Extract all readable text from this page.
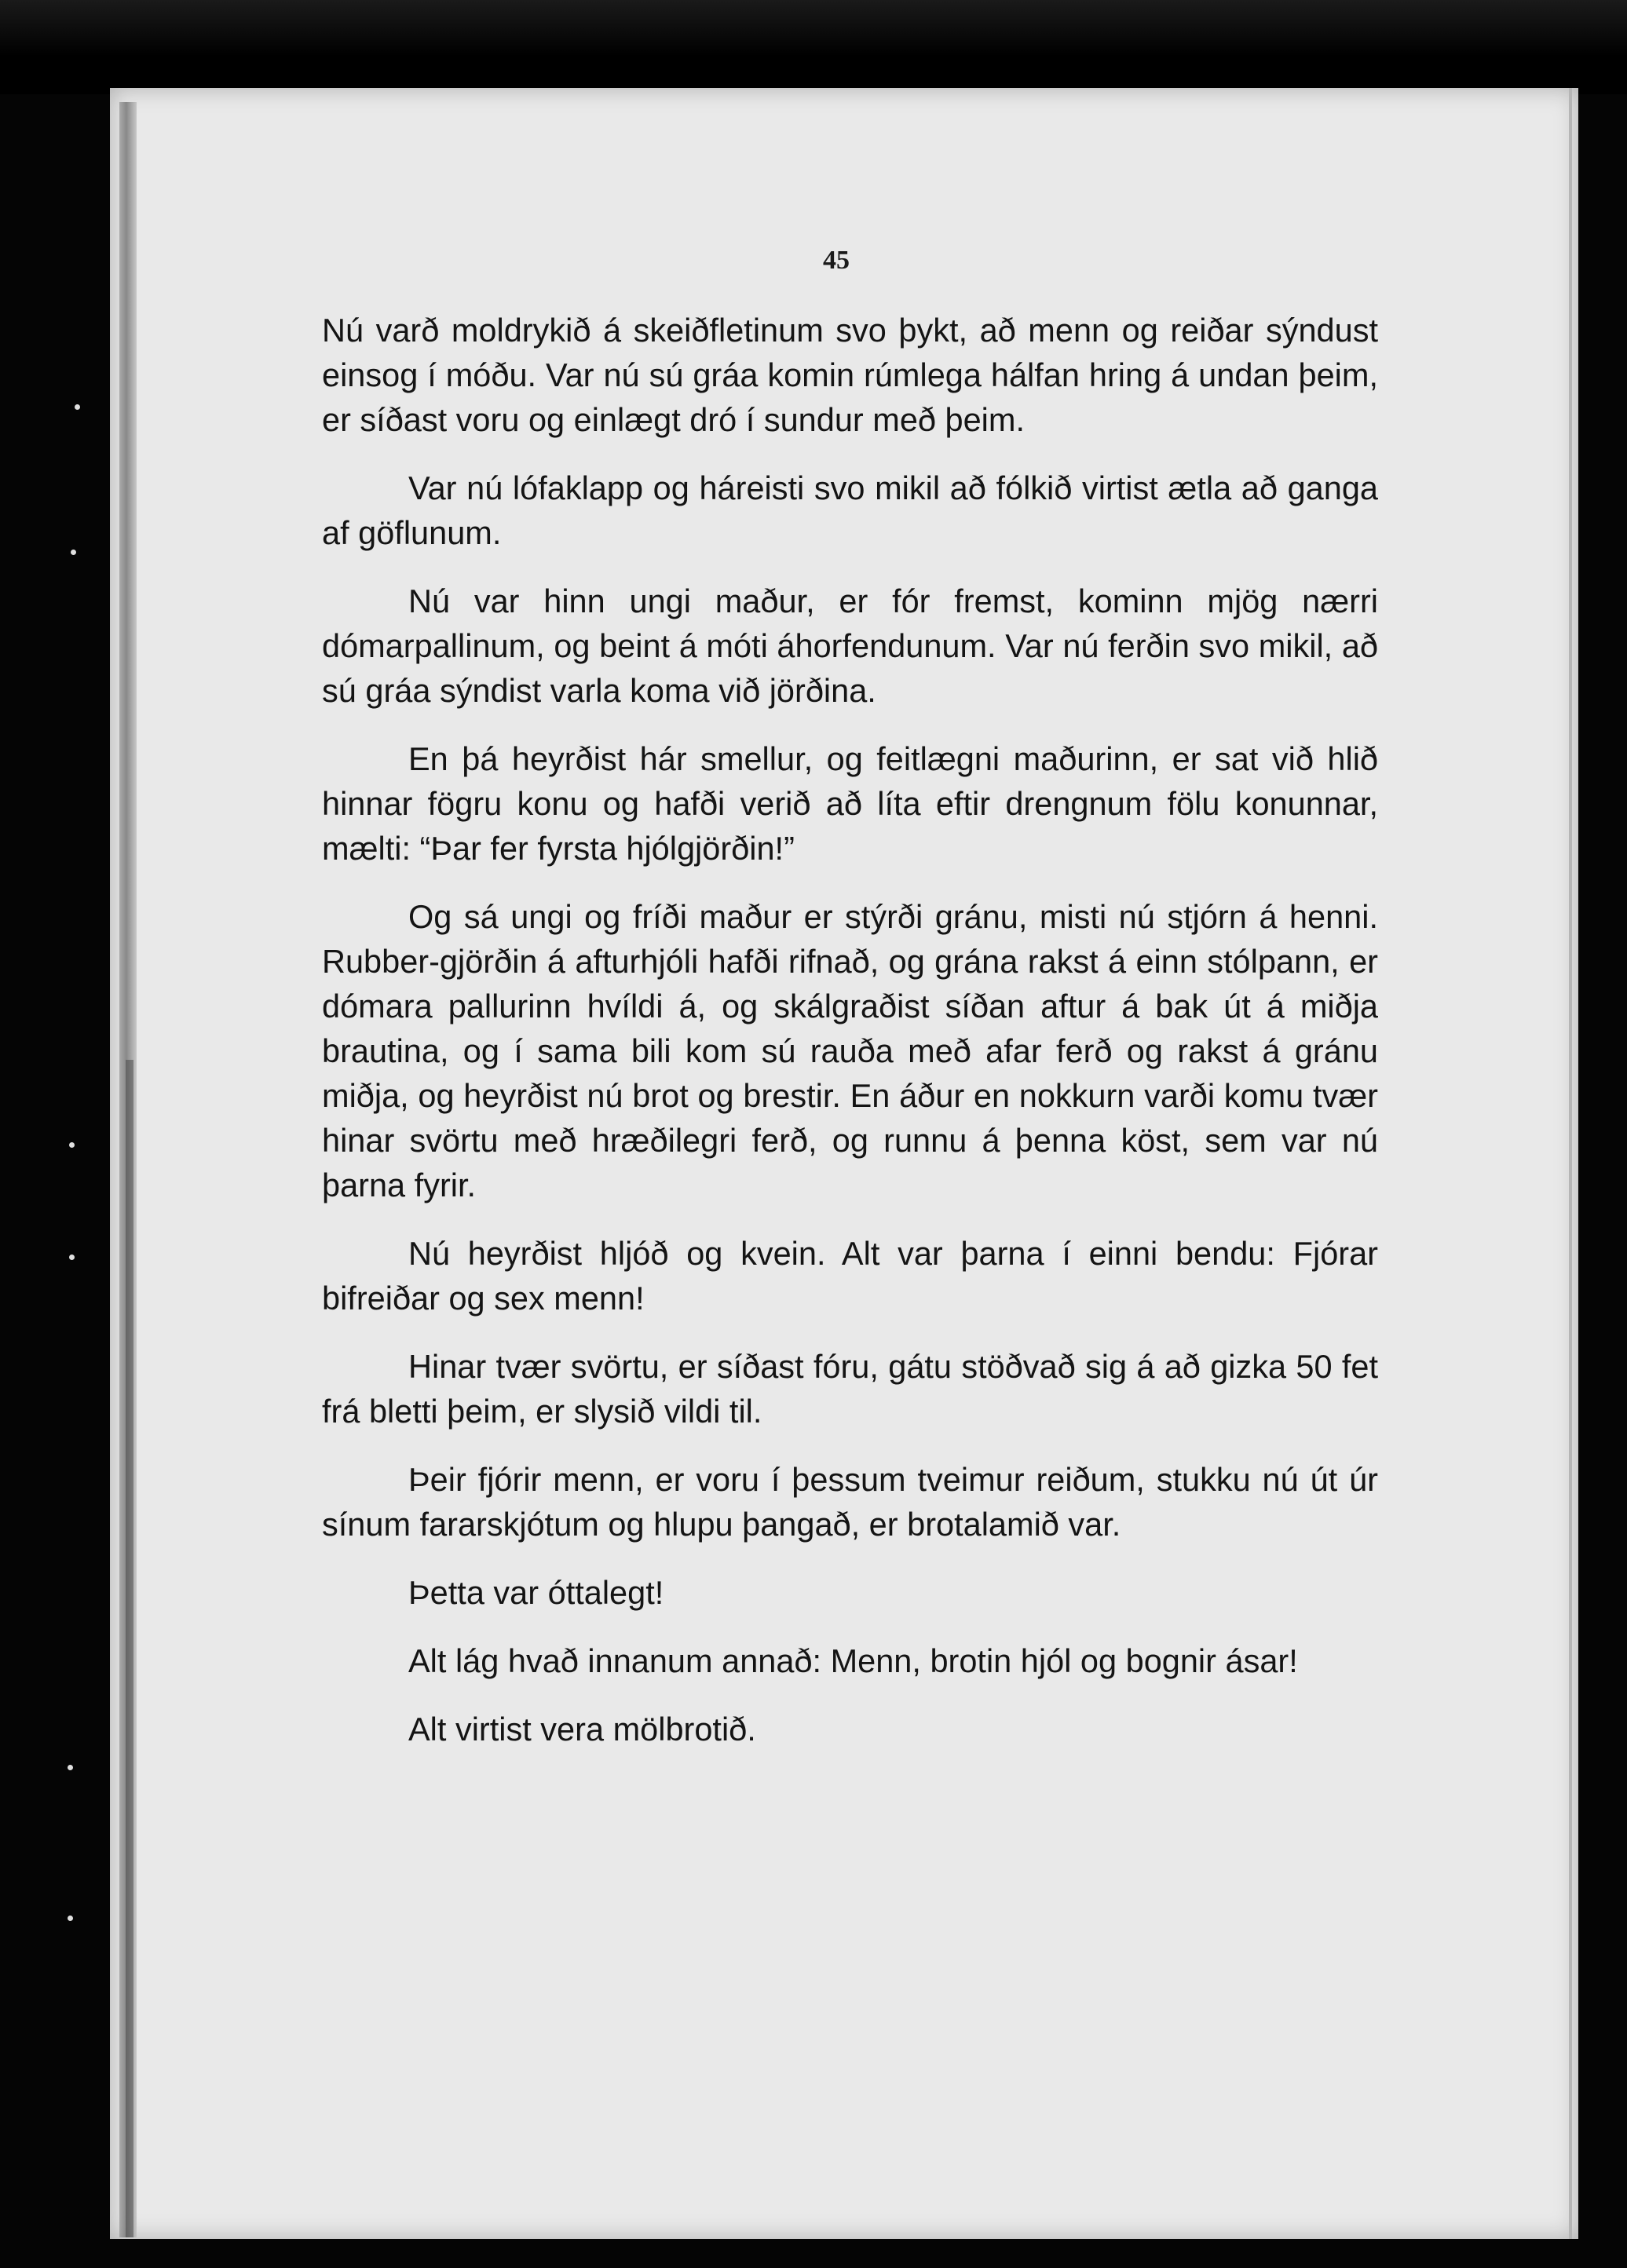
45

Nú varð moldrykið á skeiðfletinum svo þykt, að menn og reiðar sýndust einsog í móðu. Var nú sú gráa komin rúmlega hálfan hring á undan þeim, er síðast voru og einlægt dró í sundur með þeim.

Var nú lófaklapp og háreisti svo mikil að fólkið virtist ætla að ganga af göflunum.

Nú var hinn ungi maður, er fór fremst, kominn mjög nærri dómarpallinum, og beint á móti áhorfendunum. Var nú ferðin svo mikil, að sú gráa sýndist varla koma við jörðina.

En þá heyrðist hár smellur, og feitlægni maðurinn, er sat við hlið hinnar fögru konu og hafði verið að líta eftir drengnum fölu konunnar, mælti: “Þar fer fyrsta hjólgjörðin!”

Og sá ungi og fríði maður er stýrði gránu, misti nú stjórn á henni. Rubber-gjörðin á afturhjóli hafði rifnað, og grána rakst á einn stólpann, er dómara pallurinn hvíldi á, og skálgraðist síðan aftur á bak út á miðja brautina, og í sama bili kom sú rauða með afar ferð og rakst á gránu miðja, og heyrðist nú brot og brestir. En áður en nokkurn varði komu tvær hinar svörtu með hræðilegri ferð, og runnu á þenna köst, sem var nú þarna fyrir.

Nú heyrðist hljóð og kvein. Alt var þarna í einni bendu: Fjórar bifreiðar og sex menn!

Hinar tvær svörtu, er síðast fóru, gátu stöðvað sig á að gizka 50 fet frá bletti þeim, er slysið vildi til.

Þeir fjórir menn, er voru í þessum tveimur reiðum, stukku nú út úr sínum fararskjótum og hlupu þangað, er brotalamið var.

Þetta var óttalegt!

Alt lág hvað innanum annað: Menn, brotin hjól og bognir ásar!

Alt virtist vera mölbrotið.
